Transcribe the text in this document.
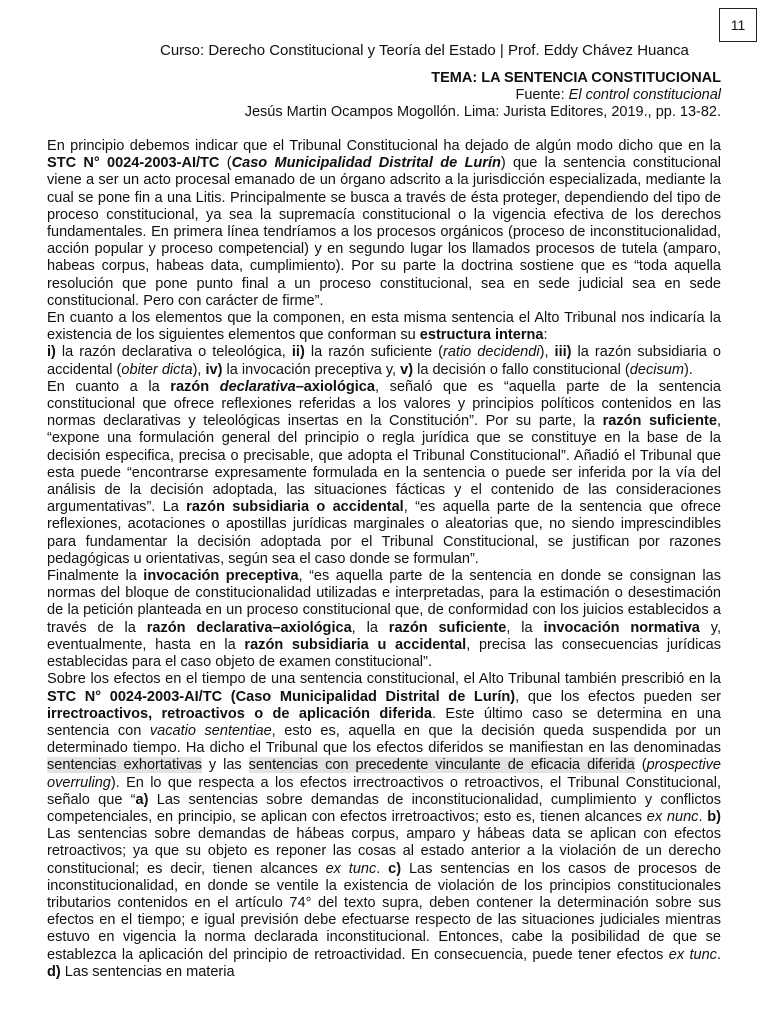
11
Curso: Derecho Constitucional y Teoría del Estado | Prof. Eddy Chávez Huanca
TEMA: LA SENTENCIA CONSTITUCIONAL
Fuente: El control constitucional
Jesús Martin Ocampos Mogollón. Lima: Jurista Editores, 2019., pp. 13-82.

En principio debemos indicar que el Tribunal Constitucional ha dejado de algún modo dicho que en la STC N° 0024-2003-AI/TC (Caso Municipalidad Distrital de Lurín) que la sentencia constitucional viene a ser un acto procesal emanado de un órgano adscrito a la jurisdicción especializada, mediante la cual se pone fin a una Litis. Principalmente se busca a través de ésta proteger, dependiendo del tipo de proceso constitucional, ya sea la supremacía constitucional o la vigencia efectiva de los derechos fundamentales. En primera línea tendríamos a los procesos orgánicos (proceso de inconstitucionalidad, acción popular y proceso competencial) y en segundo lugar los llamados procesos de tutela (amparo, habeas corpus, habeas data, cumplimiento). Por su parte la doctrina sostiene que es “toda aquella resolución que pone punto final a un proceso constitucional, sea en sede judicial sea en sede constitucional. Pero con carácter de firme”.

En cuanto a los elementos que la componen, en esta misma sentencia el Alto Tribunal nos indicaría la existencia de los siguientes elementos que conforman su estructura interna:

i) la razón declarativa o teleológica, ii) la razón suficiente (ratio decidendi), iii) la razón subsidiaria o accidental (obiter dicta), iv) la invocación preceptiva y, v) la decisión o fallo constitucional (decisum).

En cuanto a la razón declarativa–axiológica, señaló que es “aquella parte de la sentencia constitucional que ofrece reflexiones referidas a los valores y principios políticos contenidos en las normas declarativas y teleológicas insertas en la Constitución”. Por su parte, la razón suficiente, “expone una formulación general del principio o regla jurídica que se constituye en la base de la decisión especifica, precisa o precisable, que adopta el Tribunal Constitucional”. Añadió el Tribunal que esta puede “encontrarse expresamente formulada en la sentencia o puede ser inferida por la vía del análisis de la decisión adoptada, las situaciones fácticas y el contenido de las consideraciones argumentativas”. La razón subsidiaria o accidental, “es aquella parte de la sentencia que ofrece reflexiones, acotaciones o apostillas jurídicas marginales o aleatorias que, no siendo imprescindibles para fundamentar la decisión adoptada por el Tribunal Constitucional, se justifican por razones pedagógicas u orientativas, según sea el caso donde se formulan”.

Finalmente la invocación preceptiva, “es aquella parte de la sentencia en donde se consignan las normas del bloque de constitucionalidad utilizadas e interpretadas, para la estimación o desestimación de la petición planteada en un proceso constitucional que, de conformidad con los juicios establecidos a través de la razón declarativa–axiológica, la razón suficiente, la invocación normativa y, eventualmente, hasta en la razón subsidiaria u accidental, precisa las consecuencias jurídicas establecidas para el caso objeto de examen constitucional”.

Sobre los efectos en el tiempo de una sentencia constitucional, el Alto Tribunal también prescribió en la STC N° 0024-2003-AI/TC (Caso Municipalidad Distrital de Lurín), que los efectos pueden ser irrectroactivos, retroactivos o de aplicación diferida. Este último caso se determina en una sentencia con vacatio sententiae, esto es, aquella en que la decisión queda suspendida por un determinado tiempo. Ha dicho el Tribunal que los efectos diferidos se manifiestan en las denominadas sentencias exhortativas y las sentencias con precedente vinculante de eficacia diferida (prospective overruling). En lo que respecta a los efectos irrectroactivos o retroactivos, el Tribunal Constitucional, señalo que “a) Las sentencias sobre demandas de inconstitucionalidad, cumplimiento y conflictos competenciales, en principio, se aplican con efectos irretroactivos; esto es, tienen alcances ex nunc. b) Las sentencias sobre demandas de hábeas corpus, amparo y hábeas data se aplican con efectos retroactivos; ya que su objeto es reponer las cosas al estado anterior a la violación de un derecho constitucional; es decir, tienen alcances ex tunc. c) Las sentencias en los casos de procesos de inconstitucionalidad, en donde se ventile la existencia de violación de los principios constitucionales tributarios contenidos en el artículo 74° del texto supra, deben contener la determinación sobre sus efectos en el tiempo; e igual previsión debe efectuarse respecto de las situaciones judiciales mientras estuvo en vigencia la norma declarada inconstitucional. Entonces, cabe la posibilidad de que se establezca la aplicación del principio de retroactividad. En consecuencia, puede tener efectos ex tunc. d) Las sentencias en materia
